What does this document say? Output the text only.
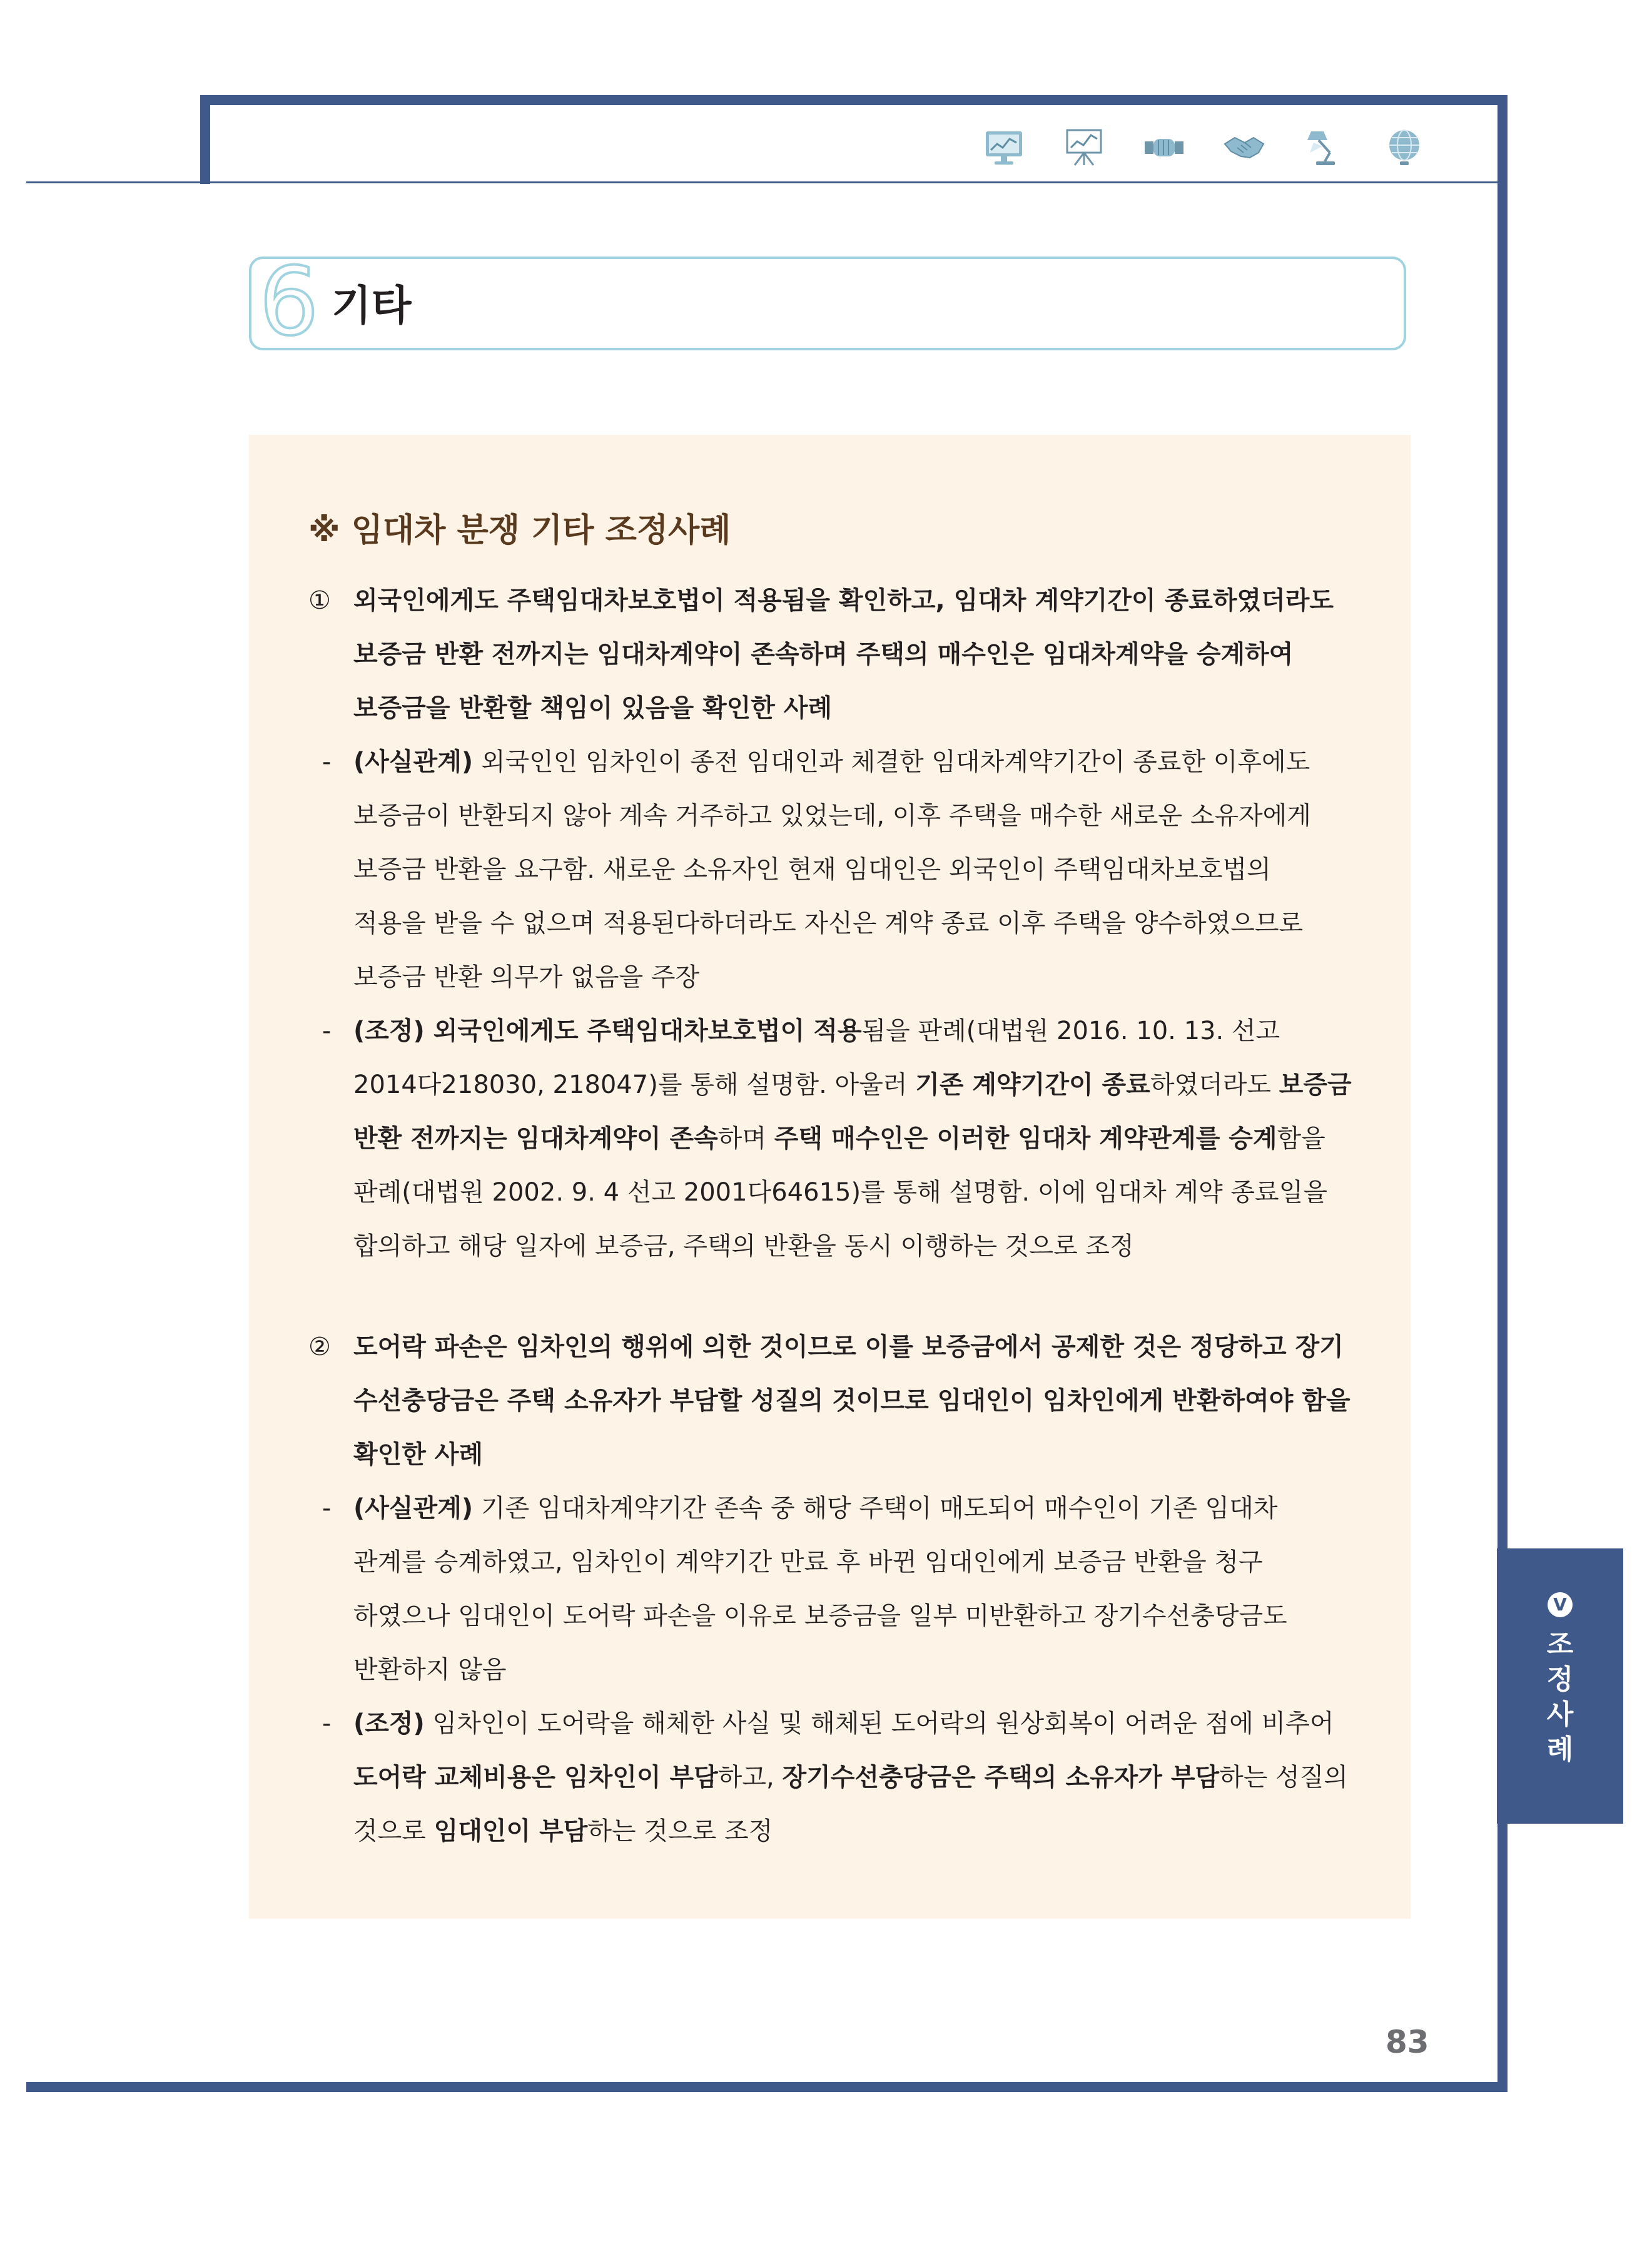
6 기타
※ 임대차 분쟁 기타 조정사례
① 외국인에게도 주택임대차보호법이 적용됨을 확인하고, 임대차 계약기간이 종료하였더라도
보증금 반환 전까지는 임대차계약이 존속하며 주택의 매수인은 임대차계약을 승계하여
보증금을 반환할 책임이 있음을 확인한 사례
- (사실관계) 외국인인 임차인이 종전 임대인과 체결한 임대차계약기간이 종료한 이후에도
보증금이 반환되지 않아 계속 거주하고 있었는데, 이후 주택을 매수한 새로운 소유자에게
보증금 반환을 요구함. 새로운 소유자인 현재 임대인은 외국인이 주택임대차보호법의
적용을 받을 수 없으며 적용된다하더라도 자신은 계약 종료 이후 주택을 양수하였으므로
보증금 반환 의무가 없음을 주장
- (조정) 외국인에게도 주택임대차보호법이 적용됨을 판례(대법원 2016. 10. 13. 선고
2014다218030, 218047)를 통해 설명함. 아울러 기존 계약기간이 종료하였더라도 보증금
반환 전까지는 임대차계약이 존속하며 주택 매수인은 이러한 임대차 계약관계를 승계함을
판례(대법원 2002. 9. 4 선고 2001다64615)를 통해 설명함. 이에 임대차 계약 종료일을
합의하고 해당 일자에 보증금, 주택의 반환을 동시 이행하는 것으로 조정
② 도어락 파손은 임차인의 행위에 의한 것이므로 이를 보증금에서 공제한 것은 정당하고 장기
수선충당금은 주택 소유자가 부담할 성질의 것이므로 임대인이 임차인에게 반환하여야 함을
확인한 사례
- (사실관계) 기존 임대차계약기간 존속 중 해당 주택이 매도되어 매수인이 기존 임대차
관계를 승계하였고, 임차인이 계약기간 만료 후 바뀐 임대인에게 보증금 반환을 청구
하였으나 임대인이 도어락 파손을 이유로 보증금을 일부 미반환하고 장기수선충당금도
반환하지 않음
- (조정) 임차인이 도어락을 해체한 사실 및 해체된 도어락의 원상회복이 어려운 점에 비추어
도어락 교체비용은 임차인이 부담하고, 장기수선충당금은 주택의 소유자가 부담하는 성질의
것으로 임대인이 부담하는 것으로 조정
V
조
정
사
례
83
